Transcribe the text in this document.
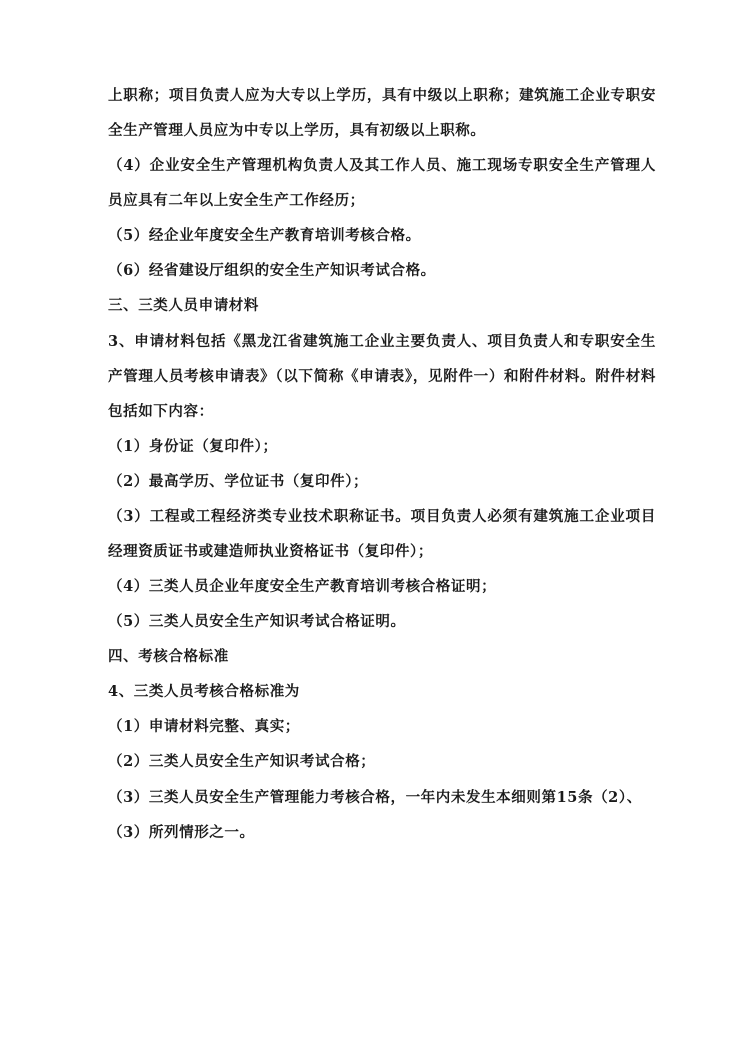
上职称；项目负责人应为大专以上学历，具有中级以上职称；建筑施工企业专职安全生产管理人员应为中专以上学历，具有初级以上职称。

（4）企业安全生产管理机构负责人及其工作人员、施工现场专职安全生产管理人员应具有二年以上安全生产工作经历；

（5）经企业年度安全生产教育培训考核合格。

（6）经省建设厅组织的安全生产知识考试合格。

三、三类人员申请材料

3、申请材料包括《黑龙江省建筑施工企业主要负责人、项目负责人和专职安全生产管理人员考核申请表》（以下简称《申请表》，见附件一）和附件材料。附件材料包括如下内容：

（1）身份证（复印件）；

（2）最高学历、学位证书（复印件）；

（3）工程或工程经济类专业技术职称证书。项目负责人必须有建筑施工企业项目经理资质证书或建造师执业资格证书（复印件）；

（4）三类人员企业年度安全生产教育培训考核合格证明；

（5）三类人员安全生产知识考试合格证明。

四、考核合格标准

4、三类人员考核合格标准为

（1）申请材料完整、真实；

（2）三类人员安全生产知识考试合格；

（3）三类人员安全生产管理能力考核合格，一年内未发生本细则第15条（2）、

（3）所列情形之一。
